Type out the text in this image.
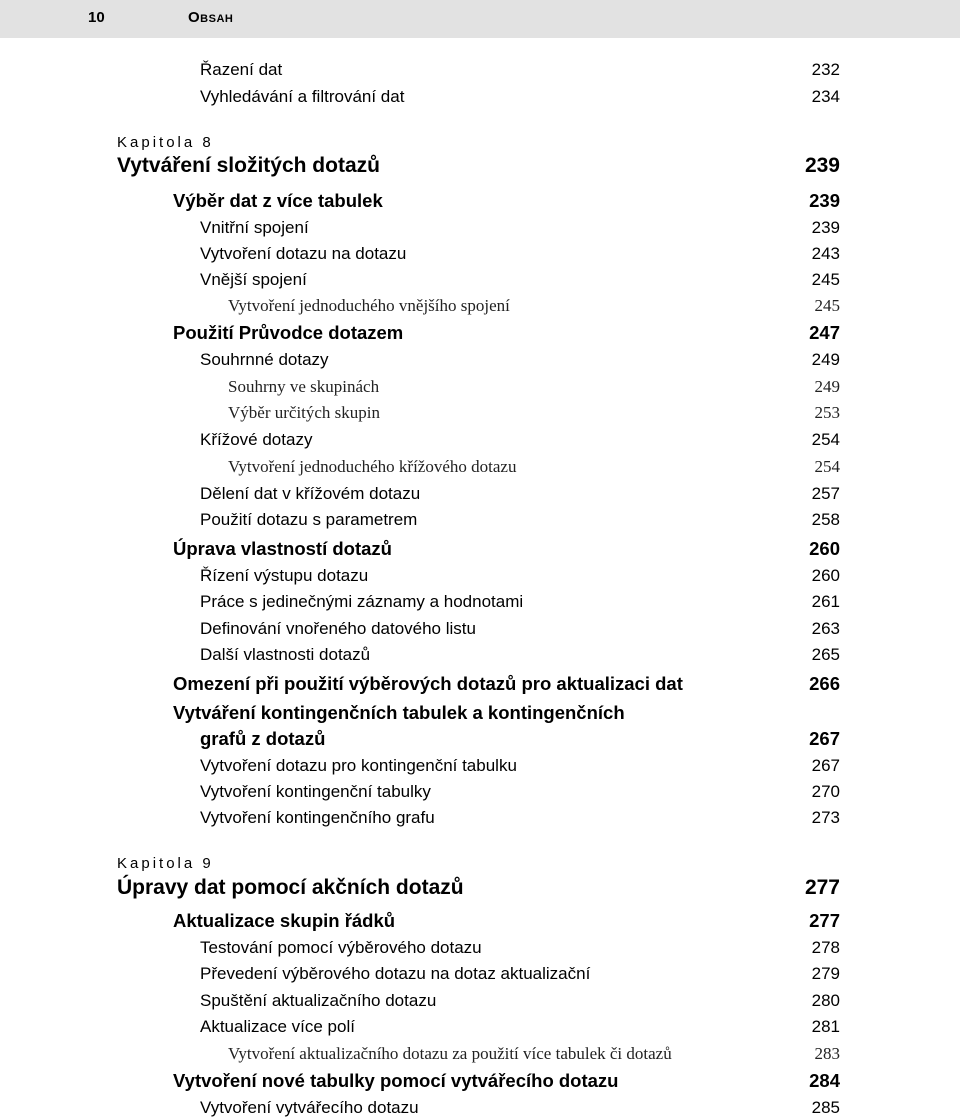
10	Obsah
Řazení dat	232
Vyhledávání a filtrování dat	234
Kapitola 8
Vytváření složitých dotazů	239
Výběr dat z více tabulek	239
Vnitřní spojení	239
Vytvoření dotazu na dotazu	243
Vnější spojení	245
Vytvoření jednoduchého vnějšího spojení	245
Použití Průvodce dotazem	247
Souhrnné dotazy	249
Souhrny ve skupinách	249
Výběr určitých skupin	253
Křížové dotazy	254
Vytvoření jednoduchého křížového dotazu	254
Dělení dat v křížovém dotazu	257
Použití dotazu s parametrem	258
Úprava vlastností dotazů	260
Řízení výstupu dotazu	260
Práce s jedinečnými záznamy a hodnotami	261
Definování vnořeného datového listu	263
Další vlastnosti dotazů	265
Omezení při použití výběrových dotazů pro aktualizaci dat	266
Vytváření kontingenčních tabulek a kontingenčních
grafů z dotazů	267
Vytvoření dotazu pro kontingenční tabulku	267
Vytvoření kontingenční tabulky	270
Vytvoření kontingenčního grafu	273
Kapitola 9
Úpravy dat pomocí akčních dotazů	277
Aktualizace skupin řádků	277
Testování pomocí výběrového dotazu	278
Převedení výběrového dotazu na dotaz aktualizační	279
Spuštění aktualizačního dotazu	280
Aktualizace více polí	281
Vytvoření aktualizačního dotazu za použití více tabulek či dotazů	283
Vytvoření nové tabulky pomocí vytvářecího dotazu	284
Vytvoření vytvářecího dotazu	285
